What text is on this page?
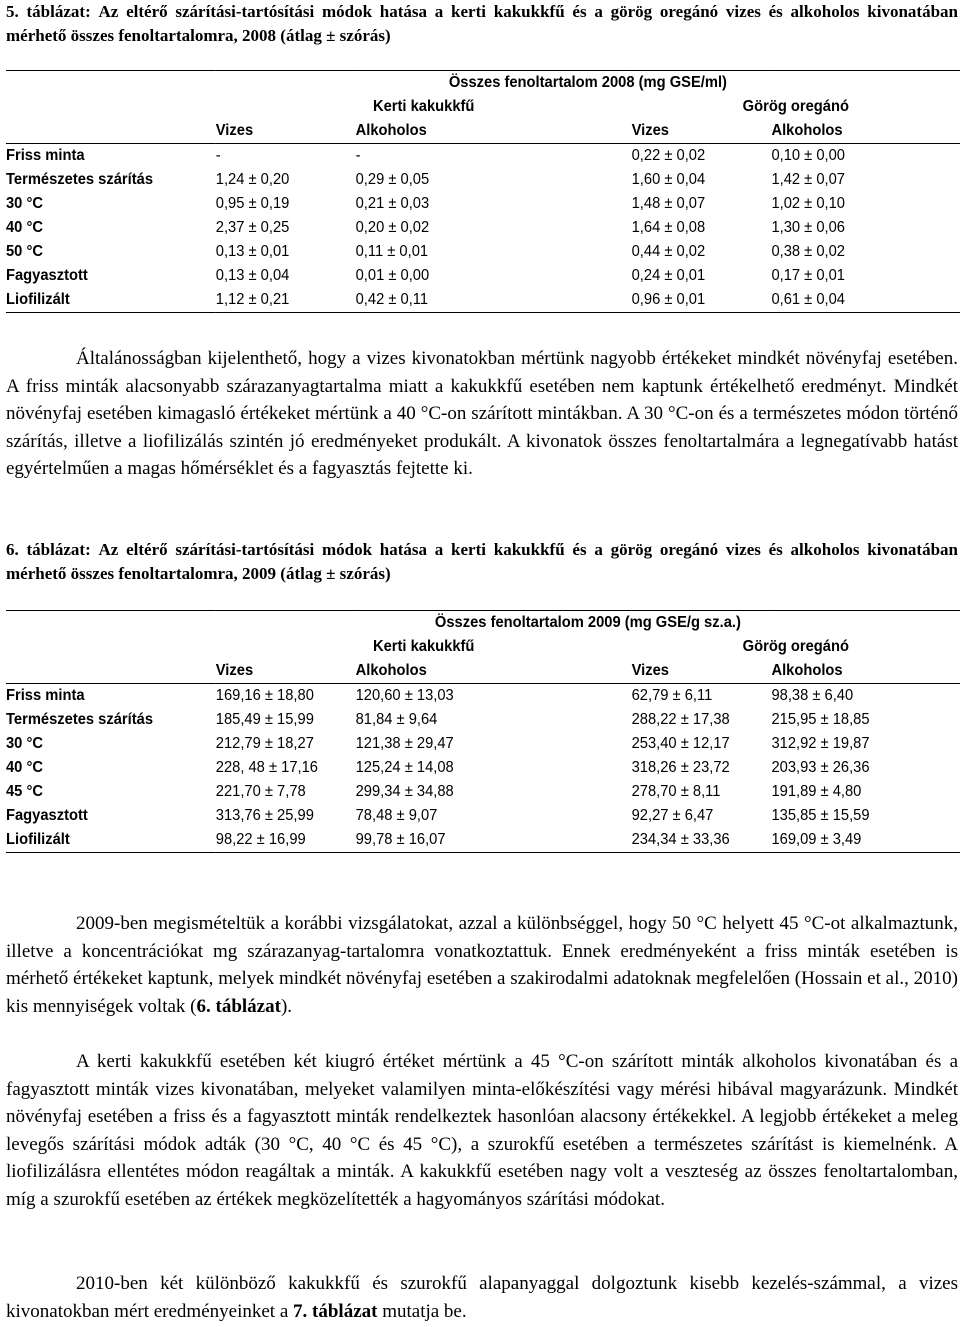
5. táblázat: Az eltérő szárítási-tartósítási módok hatása a kerti kakukkfű és a görög oregánó vizes és alkoholos kivonatában mérhető összes fenoltartalomra, 2008 (átlag ± szórás)

	Összes fenoltartalom 2008 (mg GSE/ml)			
	Kerti kakukkfű		Görög oregánó	
	Vizes	Alkoholos	Vizes	Alkoholos
Friss minta	-	-	0,22 ± 0,02	0,10 ± 0,00
Természetes szárítás	1,24 ± 0,20	0,29 ± 0,05	1,60 ± 0,04	1,42 ± 0,07
30 °C	0,95 ± 0,19	0,21 ± 0,03	1,48 ± 0,07	1,02 ± 0,10
40 °C	2,37 ± 0,25	0,20 ± 0,02	1,64 ± 0,08	1,30 ± 0,06
50 °C	0,13 ± 0,01	0,11 ± 0,01	0,44 ± 0,02	0,38 ± 0,02
Fagyasztott	0,13 ± 0,04	0,01 ± 0,00	0,24 ± 0,01	0,17 ± 0,01
Liofilizált	1,12 ± 0,21	0,42 ± 0,11	0,96 ± 0,01	0,61 ± 0,04

Általánosságban kijelenthető, hogy a vizes kivonatokban mértünk nagyobb értékeket mindkét növényfaj esetében. A friss minták alacsonyabb szárazanyagtartalma miatt a kakukkfű esetében nem kaptunk értékelhető eredményt. Mindkét növényfaj esetében kimagasló értékeket mértünk a 40 °C-on szárított mintákban. A 30 °C-on és a természetes módon történő szárítás, illetve a liofilizálás szintén jó eredményeket produkált. A kivonatok összes fenoltartalmára a legnegatívabb hatást egyértelműen a magas hőmérséklet és a fagyasztás fejtette ki.

6. táblázat: Az eltérő szárítási-tartósítási módok hatása a kerti kakukkfű és a görög oregánó vizes és alkoholos kivonatában mérhető összes fenoltartalomra, 2009 (átlag ± szórás)

	Összes fenoltartalom 2009 (mg GSE/g sz.a.)			
	Kerti kakukkfű		Görög oregánó	
	Vizes	Alkoholos	Vizes	Alkoholos
Friss minta	169,16 ± 18,80	120,60 ± 13,03	62,79 ± 6,11	98,38 ± 6,40
Természetes szárítás	185,49 ± 15,99	81,84 ± 9,64	288,22 ± 17,38	215,95 ± 18,85
30 °C	212,79 ± 18,27	121,38 ± 29,47	253,40 ± 12,17	312,92 ± 19,87
40 °C	228, 48 ± 17,16	125,24 ± 14,08	318,26 ± 23,72	203,93 ± 26,36
45 °C	221,70 ± 7,78	299,34 ± 34,88	278,70 ± 8,11	191,89 ± 4,80
Fagyasztott	313,76 ± 25,99	78,48 ± 9,07	92,27 ± 6,47	135,85 ± 15,59
Liofilizált	98,22 ± 16,99	99,78 ± 16,07	234,34 ± 33,36	169,09 ± 3,49

2009-ben megismételtük a korábbi vizsgálatokat, azzal a különbséggel, hogy 50 °C helyett 45 °C-ot alkalmaztunk, illetve a koncentrációkat mg szárazanyag-tartalomra vonatkoztattuk. Ennek eredményeként a friss minták esetében is mérhető értékeket kaptunk, melyek mindkét növényfaj esetében a szakirodalmi adatoknak megfelelően (Hossain et al., 2010) kis mennyiségek voltak (6. táblázat).

A kerti kakukkfű esetében két kiugró értéket mértünk a 45 °C-on szárított minták alkoholos kivonatában és a fagyasztott minták vizes kivonatában, melyeket valamilyen minta-előkészítési vagy mérési hibával magyarázunk. Mindkét növényfaj esetében a friss és a fagyasztott minták rendelkeztek hasonlóan alacsony értékekkel. A legjobb értékeket a meleg levegős szárítási módok adták (30 °C, 40 °C és 45 °C), a szurokfű esetében a természetes szárítást is kiemelnénk. A liofilizálásra ellentétes módon reagáltak a minták. A kakukkfű esetében nagy volt a veszteség az összes fenoltartalomban, míg a szurokfű esetében az értékek megközelítették a hagyományos szárítási módokat.

2010-ben két különböző kakukkfű és szurokfű alapanyaggal dolgoztunk kisebb kezelés-számmal, a vizes kivonatokban mért eredményeinket a 7. táblázat mutatja be.
